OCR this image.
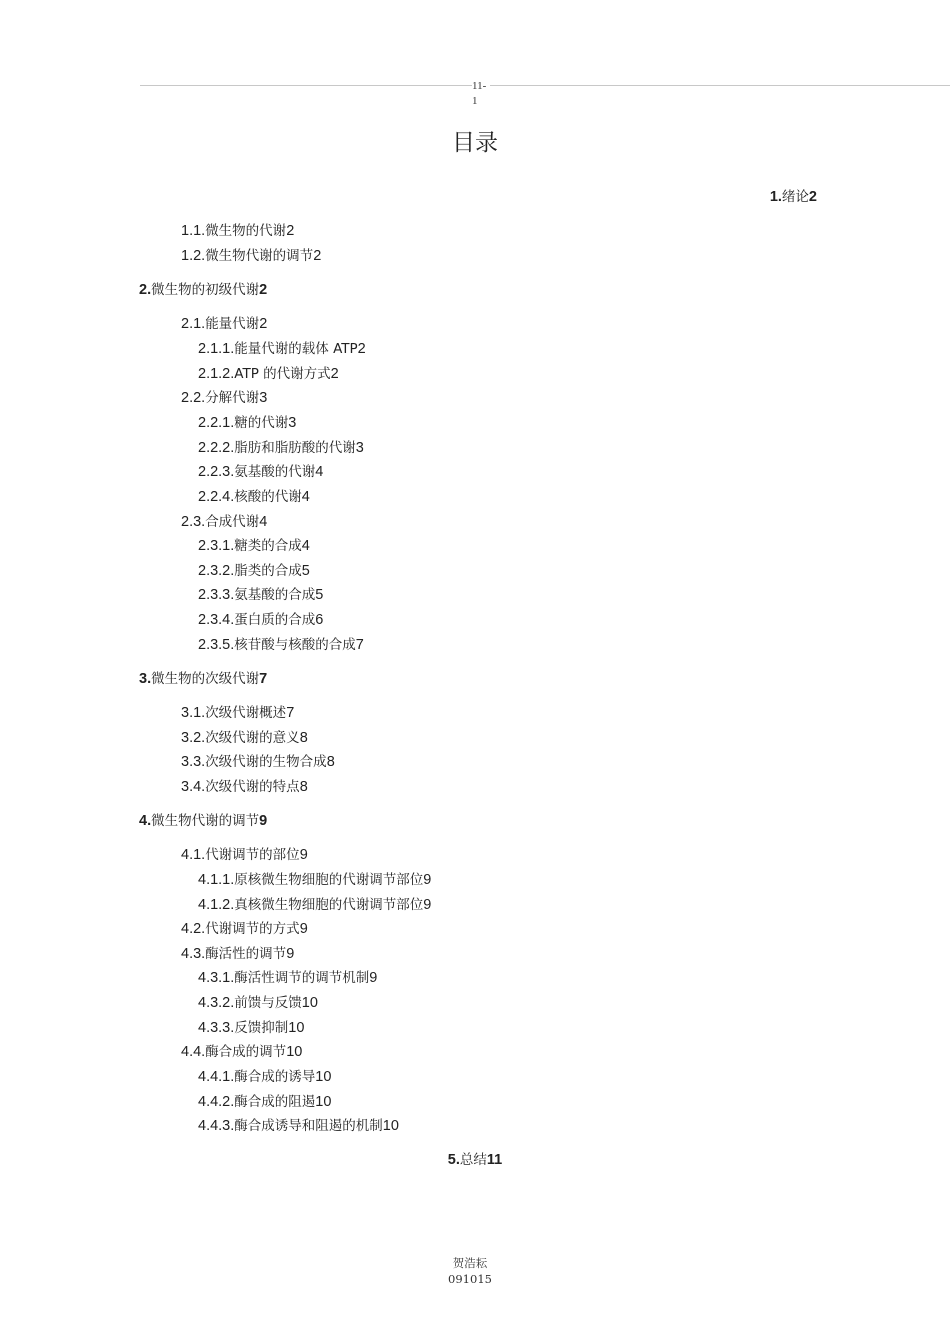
11-
1
目录
1.绪论2
1.1.微生物的代谢2
1.2.微生物代谢的调节2
2.微生物的初级代谢2
2.1.能量代谢2
2.1.1.能量代谢的载体 ATP2
2.1.2.ATP 的代谢方式2
2.2.分解代谢3
2.2.1.糖的代谢3
2.2.2.脂肪和脂肪酸的代谢3
2.2.3.氨基酸的代谢4
2.2.4.核酸的代谢4
2.3.合成代谢4
2.3.1.糖类的合成4
2.3.2.脂类的合成5
2.3.3.氨基酸的合成5
2.3.4.蛋白质的合成6
2.3.5.核苷酸与核酸的合成7
3.微生物的次级代谢7
3.1.次级代谢概述7
3.2.次级代谢的意义8
3.3.次级代谢的生物合成8
3.4.次级代谢的特点8
4.微生物代谢的调节9
4.1.代谢调节的部位9
4.1.1.原核微生物细胞的代谢调节部位9
4.1.2.真核微生物细胞的代谢调节部位9
4.2.代谢调节的方式9
4.3.酶活性的调节9
4.3.1.酶活性调节的调节机制9
4.3.2.前馈与反馈10
4.3.3.反馈抑制10
4.4.酶合成的调节10
4.4.1.酶合成的诱导10
4.4.2.酶合成的阻遏10
4.4.3.酶合成诱导和阻遏的机制10
5.总结11
贺浩耘
091015
